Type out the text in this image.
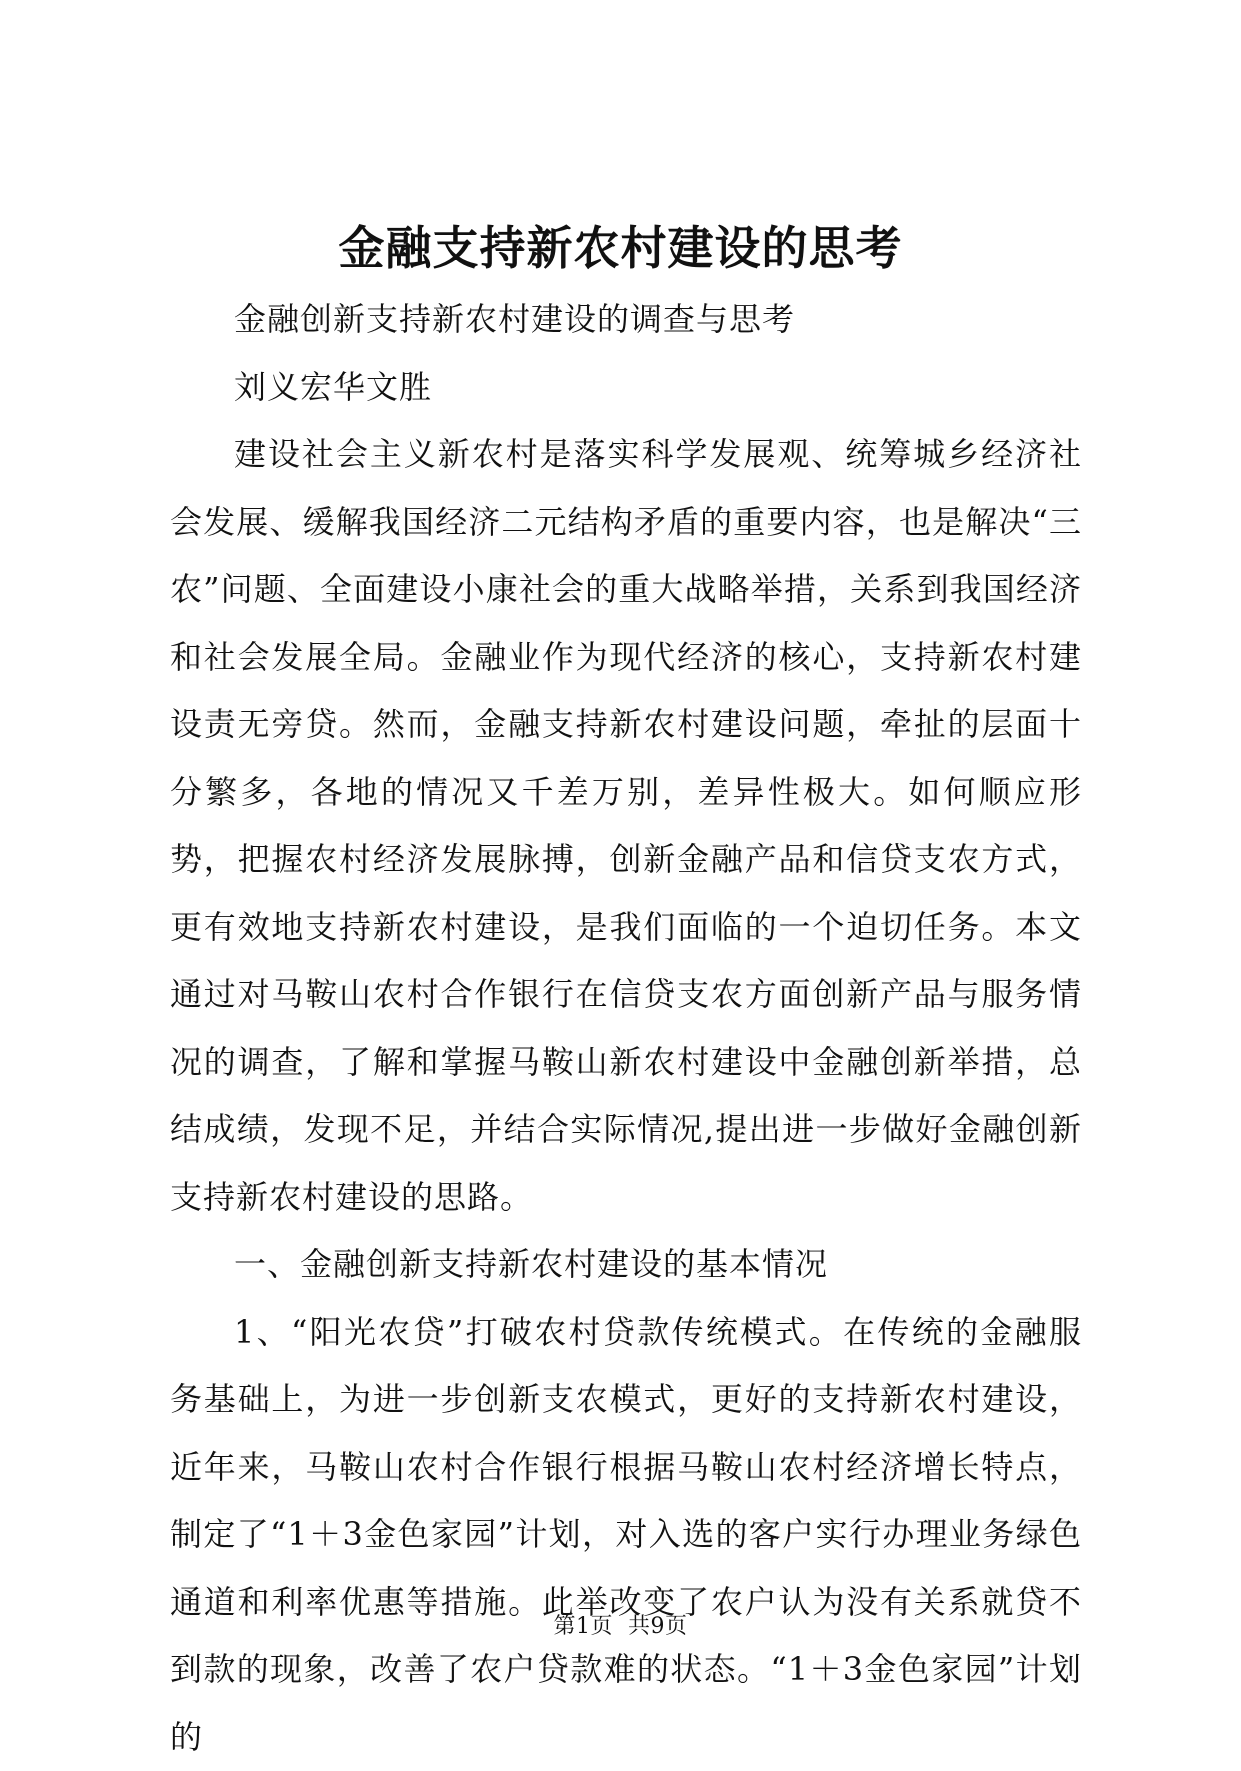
金融支持新农村建设的思考

金融创新支持新农村建设的调查与思考

刘义宏华文胜

建设社会主义新农村是落实科学发展观、统筹城乡经济社会发展、缓解我国经济二元结构矛盾的重要内容，也是解决“三农”问题、全面建设小康社会的重大战略举措，关系到我国经济和社会发展全局。金融业作为现代经济的核心，支持新农村建设责无旁贷。然而，金融支持新农村建设问题，牵扯的层面十分繁多，各地的情况又千差万别，差异性极大。如何顺应形势，把握农村经济发展脉搏，创新金融产品和信贷支农方式，更有效地支持新农村建设，是我们面临的一个迫切任务。本文通过对马鞍山农村合作银行在信贷支农方面创新产品与服务情况的调查，了解和掌握马鞍山新农村建设中金融创新举措，总结成绩，发现不足，并结合实际情况,提出进一步做好金融创新支持新农村建设的思路。

一、金融创新支持新农村建设的基本情况

1、“阳光农贷”打破农村贷款传统模式。在传统的金融服务基础上，为进一步创新支农模式，更好的支持新农村建设，近年来，马鞍山农村合作银行根据马鞍山农村经济增长特点，制定了“1＋3金色家园”计划，对入选的客户实行办理业务绿色通道和利率优惠等措施。此举改变了农户认为没有关系就贷不到款的现象，改善了农户贷款难的状态。“1＋3金色家园”计划的

第1页 共9页
